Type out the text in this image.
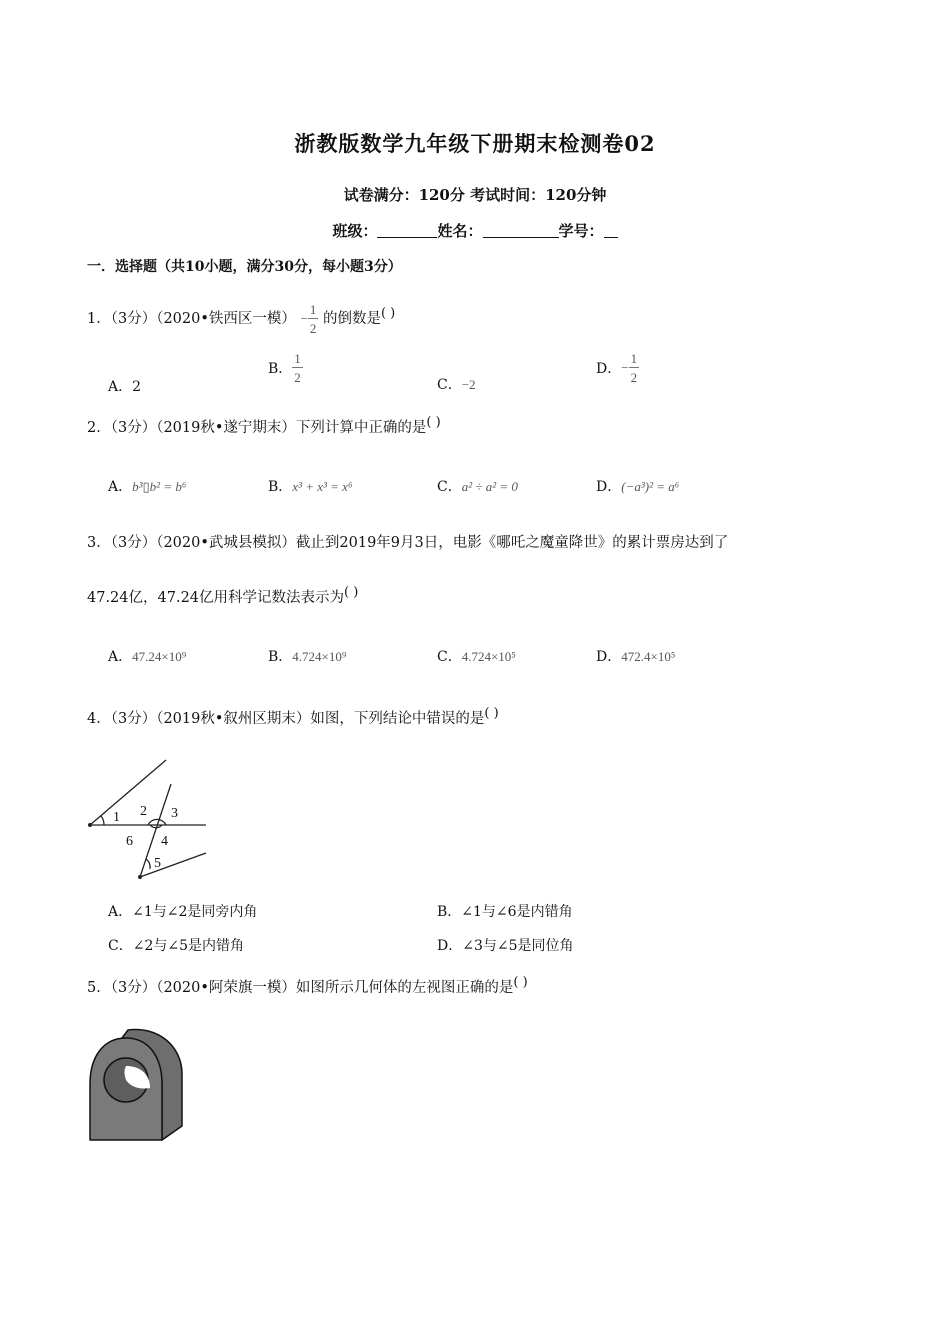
浙教版数学九年级下册期末检测卷02
试卷满分：120分 考试时间：120分钟
班级：	姓名：	学号：
一．选择题（共10小题，满分30分，每小题3分）
1．（3分）（2020•铁西区一模） − $\frac{1}{2}$ 的倒数是( )
A．2
B． $\frac{1}{2}$
C．−2
D．− $\frac{1}{2}$
2．（3分）（2019秋•遂宁期末）下列计算中正确的是( )
A．b³▯b² = b⁶	B．x³ + x³ = x⁶	C．a² ÷ a² = 0	D．(−a³)² = a⁶
3．（3分）（2020•武城县模拟）截止到2019年9月3日，电影《哪吒之魔童降世》的累计票房达到了
47.24亿，47.24亿用科学记数法表示为( )
A．47.24×10⁹	B．4.724×10⁹	C．4.724×10⁵	D．472.4×10⁵
4．（3分）（2019秋•叙州区期末）如图，下列结论中错误的是( )
1 2 3
4
5
6
A．∠1与∠2是同旁内角	B．∠1与∠6是内错角
C．∠2与∠5是内错角	D．∠3与∠5是同位角
5．（3分）（2020•阿荣旗一模）如图所示几何体的左视图正确的是( )
